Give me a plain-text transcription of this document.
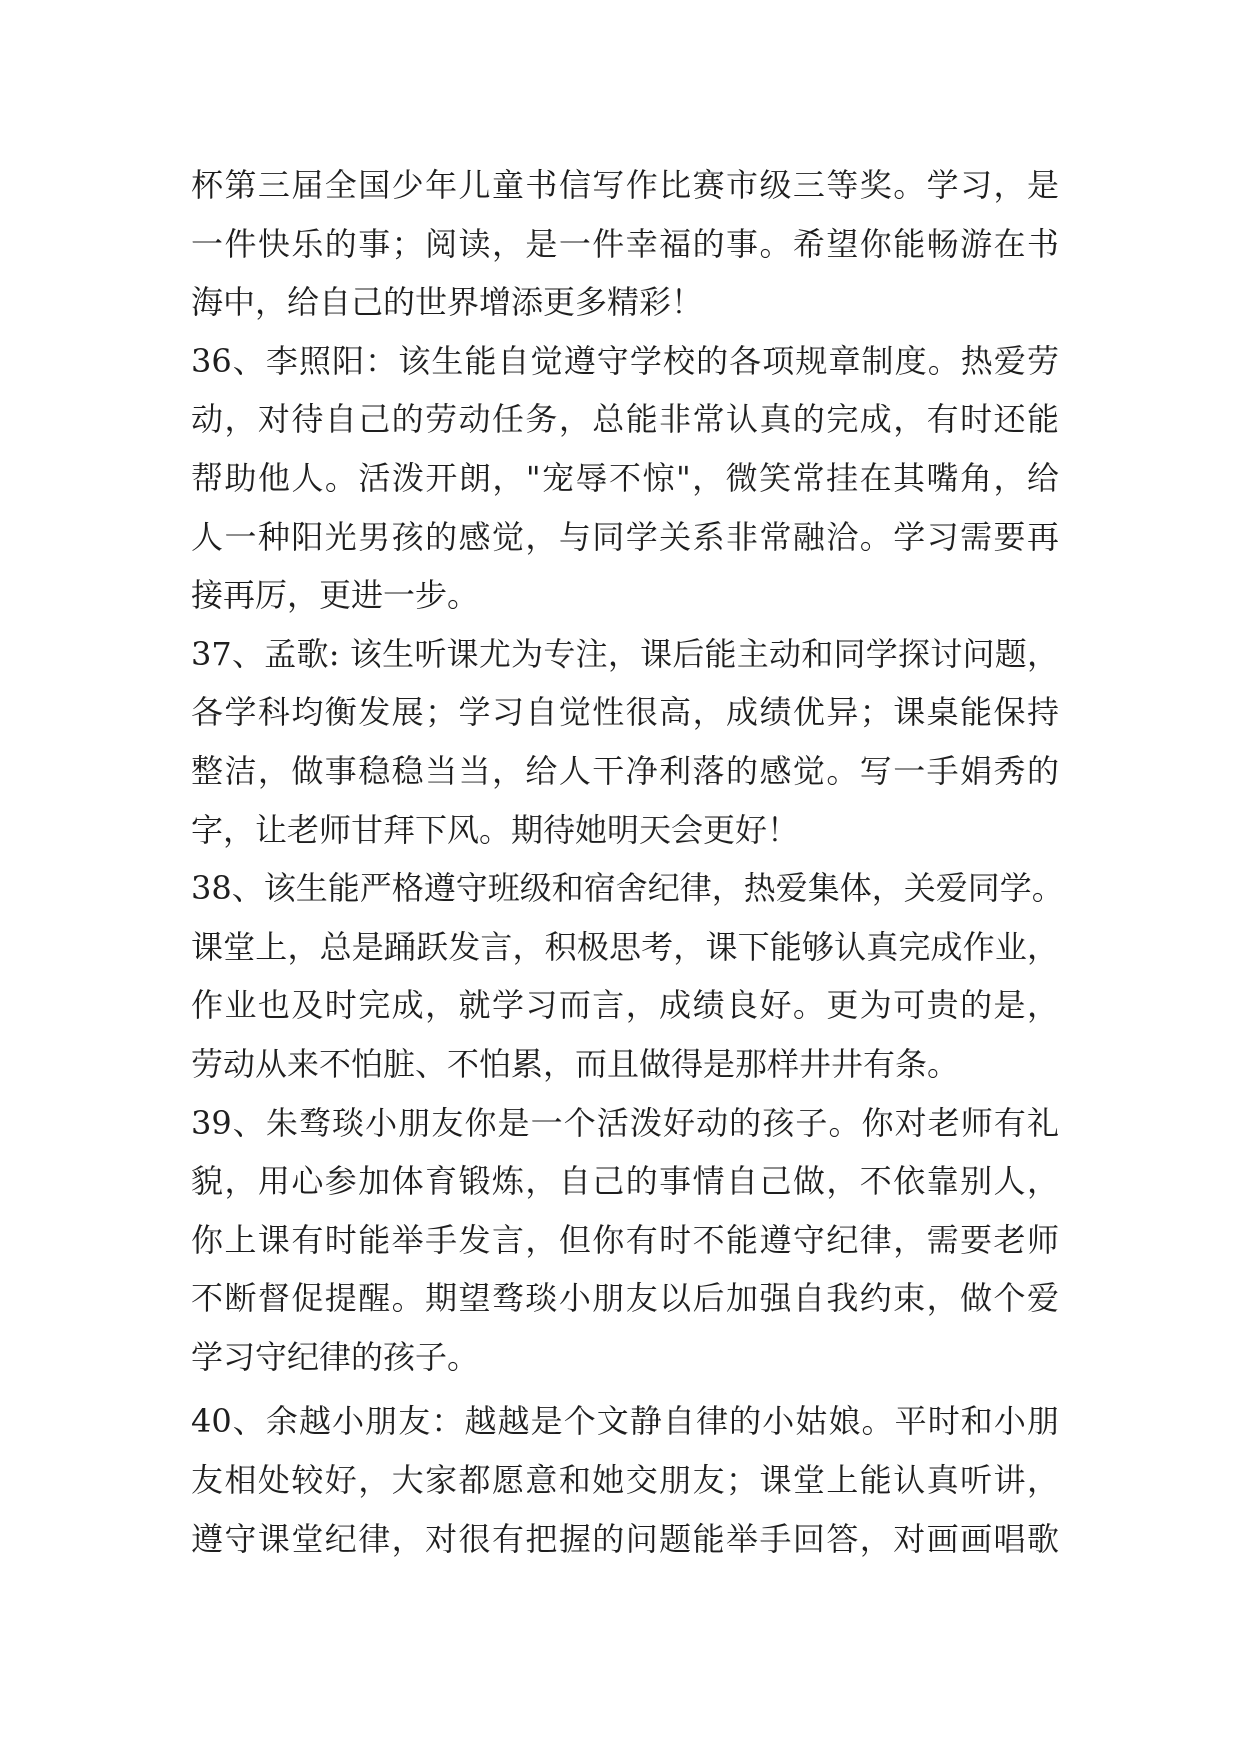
杯第三届全国少年儿童书信写作比赛市级三等奖。学习，是
一件快乐的事；阅读，是一件幸福的事。希望你能畅游在书
海中，给自己的世界增添更多精彩！
36、李照阳：该生能自觉遵守学校的各项规章制度。热爱劳
动，对待自己的劳动任务，总能非常认真的完成，有时还能
帮助他人。活泼开朗，"宠辱不惊"，微笑常挂在其嘴角，给
人一种阳光男孩的感觉，与同学关系非常融洽。学习需要再
接再厉，更进一步。
37、孟歌: 该生听课尤为专注，课后能主动和同学探讨问题，
各学科均衡发展；学习自觉性很高，成绩优异；课桌能保持
整洁，做事稳稳当当，给人干净利落的感觉。写一手娟秀的
字，让老师甘拜下风。期待她明天会更好！
38、该生能严格遵守班级和宿舍纪律，热爱集体，关爱同学。
课堂上，总是踊跃发言，积极思考，课下能够认真完成作业，
作业也及时完成，就学习而言，成绩良好。更为可贵的是，
劳动从来不怕脏、不怕累，而且做得是那样井井有条。
39、朱骛琰小朋友你是一个活泼好动的孩子。你对老师有礼
貌，用心参加体育锻炼，自己的事情自己做，不依靠别人，
你上课有时能举手发言，但你有时不能遵守纪律，需要老师
不断督促提醒。期望骛琰小朋友以后加强自我约束，做个爱
学习守纪律的孩子。
40、余越小朋友：越越是个文静自律的小姑娘。平时和小朋
友相处较好，大家都愿意和她交朋友；课堂上能认真听讲，
遵守课堂纪律，对很有把握的问题能举手回答，对画画唱歌
